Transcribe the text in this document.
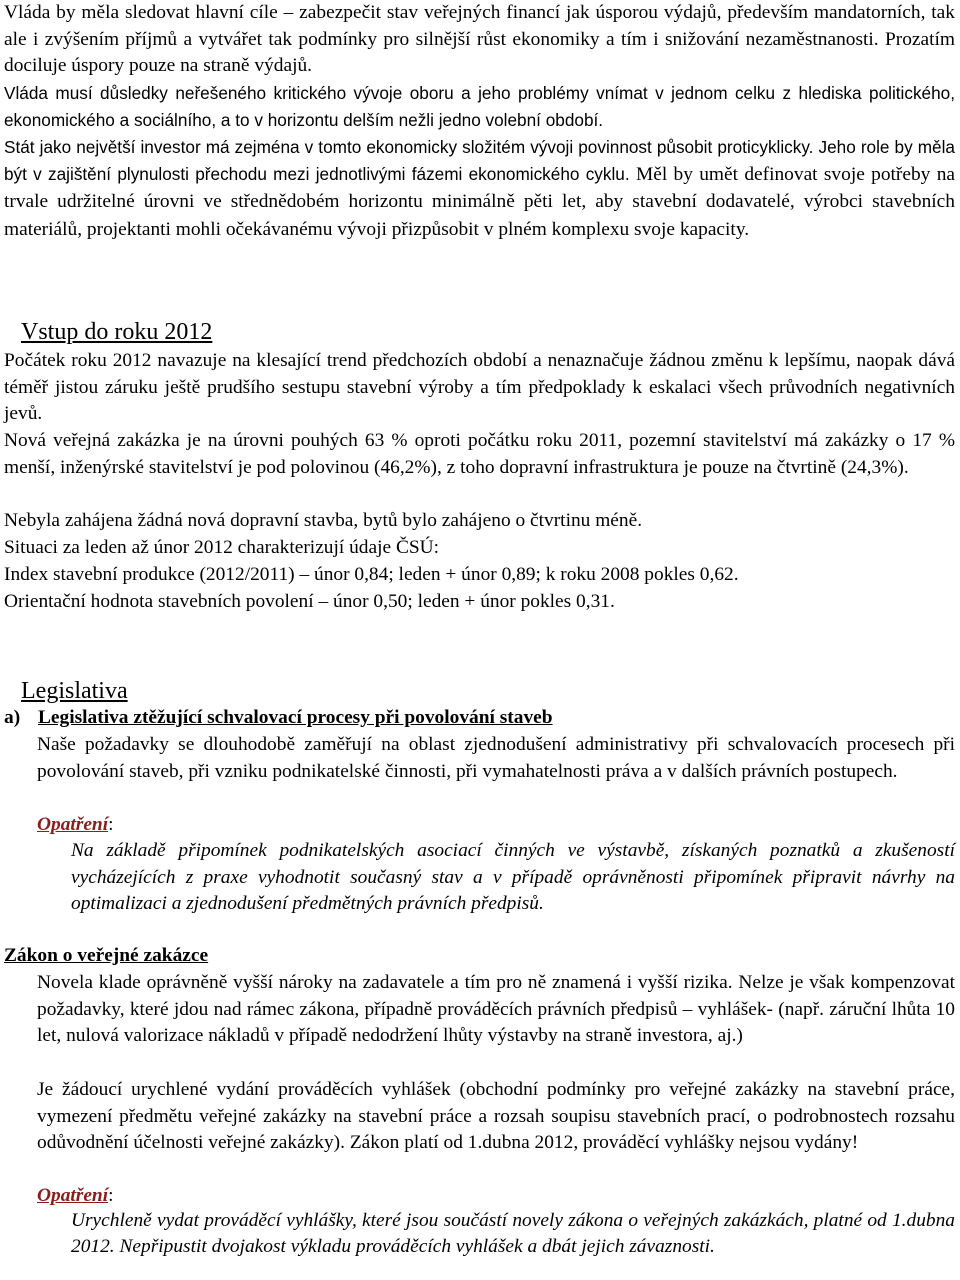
Vláda by měla sledovat hlavní cíle – zabezpečit stav veřejných financí jak úsporou výdajů, především mandatorních, tak ale i zvýšením příjmů a vytvářet tak podmínky pro silnější růst ekonomiky a tím i snižování nezaměstnanosti. Prozatím dociluje úspory pouze na straně výdajů.

Vláda musí důsledky neřešeného kritického vývoje oboru a jeho problémy vnímat v jednom celku z hlediska politického, ekonomického a sociálního, a to v horizontu delším nežli jedno volební období.

Stát jako největší investor má zejména v tomto ekonomicky složitém vývoji povinnost působit proticyklicky. Jeho role by měla být v zajištění plynulosti přechodu mezi jednotlivými fázemi ekonomického cyklu. Měl by umět definovat svoje potřeby na trvale udržitelné úrovni ve střednědobém horizontu minimálně pěti let, aby stavební dodavatelé, výrobci stavebních materiálů, projektanti mohli očekávanému vývoji přizpůsobit v plném komplexu svoje kapacity.

Vstup do roku 2012

Počátek roku 2012 navazuje na klesající trend předchozích období a nenaznačuje žádnou změnu k lepšímu, naopak dává téměř jistou záruku ještě prudšího sestupu stavební výroby a tím předpoklady k eskalaci všech průvodních negativních jevů.

Nová veřejná zakázka je na úrovni pouhých 63 % oproti počátku roku 2011, pozemní stavitelství má zakázky o 17 % menší, inženýrské stavitelství je pod polovinou (46,2%), z toho dopravní infrastruktura je pouze na čtvrtině (24,3%).

Nebyla zahájena žádná nová dopravní stavba, bytů bylo zahájeno o čtvrtinu méně.

Situaci za leden až únor 2012 charakterizují údaje ČSÚ:

Index stavební produkce (2012/2011) – únor 0,84; leden + únor 0,89; k roku 2008 pokles 0,62.

Orientační hodnota stavebních povolení – únor 0,50; leden + únor pokles 0,31.

Legislativa

a) Legislativa ztěžující schvalovací procesy při povolování staveb

Naše požadavky se dlouhodobě zaměřují na oblast zjednodušení administrativy při schvalovacích procesech při povolování staveb, při vzniku podnikatelské činnosti, při vymahatelnosti práva a v dalších právních postupech.

Opatření:

Na základě připomínek podnikatelských asociací činných ve výstavbě, získaných poznatků a zkušeností vycházejících z praxe vyhodnotit současný stav a v případě oprávněnosti připomínek připravit návrhy na optimalizaci a zjednodušení předmětných právních předpisů.

Zákon o veřejné zakázce

Novela klade oprávněně vyšší nároky na zadavatele a tím pro ně znamená i vyšší rizika. Nelze je však kompenzovat požadavky, které jdou nad rámec zákona, případně prováděcích právních předpisů – vyhlášek- (např. záruční lhůta 10 let, nulová valorizace nákladů v případě nedodržení lhůty výstavby na straně investora, aj.)

Je žádoucí urychlené vydání prováděcích vyhlášek (obchodní podmínky pro veřejné zakázky na stavební práce, vymezení předmětu veřejné zakázky na stavební práce a rozsah soupisu stavebních prací, o podrobnostech rozsahu odůvodnění účelnosti veřejné zakázky). Zákon platí od 1.dubna 2012, prováděcí vyhlášky nejsou vydány!

Opatření:

Urychleně vydat prováděcí vyhlášky, které jsou součástí novely zákona o veřejných zakázkách, platné od 1.dubna 2012. Nepřipustit dvojakost výkladu prováděcích vyhlášek a dbát jejich závaznosti.
